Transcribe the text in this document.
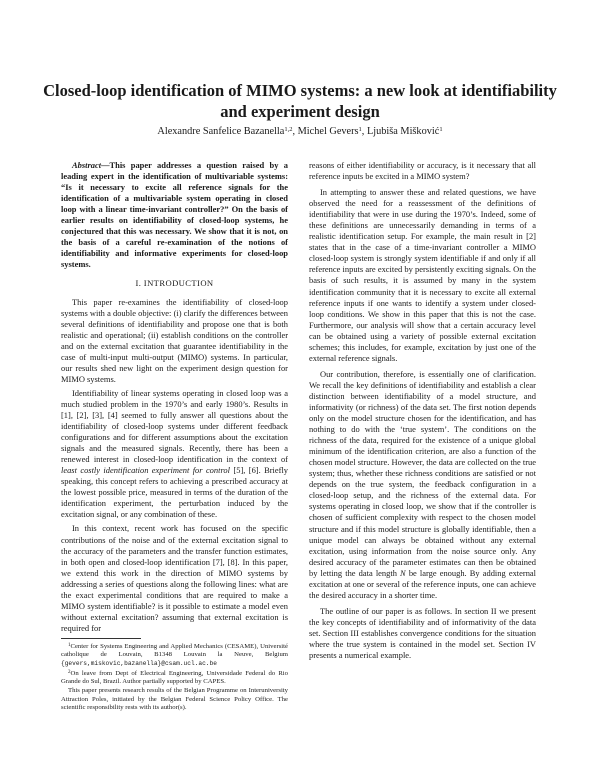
Closed-loop identification of MIMO systems: a new look at identifiability and experiment design
Alexandre Sanfelice Bazanella$^{1,2}$, Michel Gevers$^1$, Ljubiša Mišković$^1$
Abstract—This paper addresses a question raised by a leading expert in the identification of multivariable systems: “Is it necessary to excite all reference signals for the identification of a multivariable system operating in closed loop with a linear time-invariant controller?” On the basis of earlier results on identifiability of closed-loop systems, he conjectured that this was necessary. We show that it is not, on the basis of a careful re-examination of the notions of identifiability and informative experiments for closed-loop systems.
I. INTRODUCTION

This paper re-examines the identifiability of closed-loop systems with a double objective: (i) clarify the differences between several definitions of identifiability and propose one that is both realistic and operational; (ii) establish conditions on the controller and on the external excitation that guarantee identifiability in the case of multi-input multi-output (MIMO) systems. In particular, our results shed new light on the experiment design question for MIMO systems.

Identifiability of linear systems operating in closed loop was a much studied problem in the 1970’s and early 1980’s. Results in [1], [2], [3], [4] seemed to fully answer all questions about the identifiability of closed-loop systems under different feedback configurations and for different assumptions about the excitation signals and the measured signals. Recently, there has been a renewed interest in closed-loop identification in the context of least costly identification experiment for control [5], [6]. Briefly speaking, this concept refers to achieving a prescribed accuracy at the lowest possible price, measured in terms of the duration of the identification experiment, the perturbation induced by the excitation signal, or any combination of these.

In this context, recent work has focused on the specific contributions of the noise and of the external excitation signal to the accuracy of the parameters and the transfer function estimates, in both open and closed-loop identification [7], [8]. In this paper, we extend this work in the direction of MIMO systems by addressing a series of questions along the following lines: what are the exact experimental conditions that are required to make a MIMO system identifiable? is it possible to estimate a model even without external excitation? assuming that external excitation is required for

$^1$Center for Systems Engineering and Applied Mechanics (CESAME), Université catholique de Louvain, B1348 Louvain la Neuve, Belgium {gevers,miskovic,bazanella}@csam.ucl.ac.be
$^2$On leave from Dept of Electrical Engineering, Universidade Federal do Rio Grande do Sul, Brazil. Author partially supported by CAPES.
This paper presents research results of the Belgian Programme on Interuniversity Attraction Poles, initiated by the Belgian Federal Science Policy Office. The scientific responsibility rests with its author(s).

reasons of either identifiability or accuracy, is it necessary that all reference inputs be excited in a MIMO system?

In attempting to answer these and related questions, we have observed the need for a reassessment of the definitions of identifiability that were in use during the 1970’s. Indeed, some of these definitions are unnecessarily demanding in terms of a realistic identification setup. For example, the main result in [2] states that in the case of a time-invariant controller a MIMO closed-loop system is strongly system identifiable if and only if all reference inputs are excited by persistently exciting signals. On the basis of such results, it is assumed by many in the system identification community that it is necessary to excite all external reference inputs if one wants to identify a system under closed-loop conditions. We show in this paper that this is not the case. Furthermore, our analysis will show that a certain accuracy level can be obtained using a variety of possible external excitation schemes; this includes, for example, excitation by just one of the external reference signals.

Our contribution, therefore, is essentially one of clarification. We recall the key definitions of identifiability and establish a clear distinction between identifiability of a model structure, and informativity (or richness) of the data set. The first notion depends only on the model structure chosen for the identification, and has nothing to do with the ‘true system’. The conditions on the richness of the data, required for the existence of a unique global minimum of the identification criterion, are also a function of the chosen model structure. However, the data are collected on the true system; thus, whether these richness conditions are satisfied or not depends on the true system, the feedback configuration in a closed-loop setup, and the richness of the external data. For systems operating in closed loop, we show that if the controller is chosen of sufficient complexity with respect to the chosen model structure and if this model structure is globally identifiable, then a unique model can always be obtained without any external excitation, using information from the noise source only. Any desired accuracy of the parameter estimates can then be obtained by letting the data length N be large enough. By adding external excitation at one or several of the reference inputs, one can achieve the desired accuracy in a shorter time.

The outline of our paper is as follows. In section II we present the key concepts of identifiability and of informativity of the data set. Section III establishes convergence conditions for the situation where the true system is contained in the model set. Section IV presents a numerical example.
